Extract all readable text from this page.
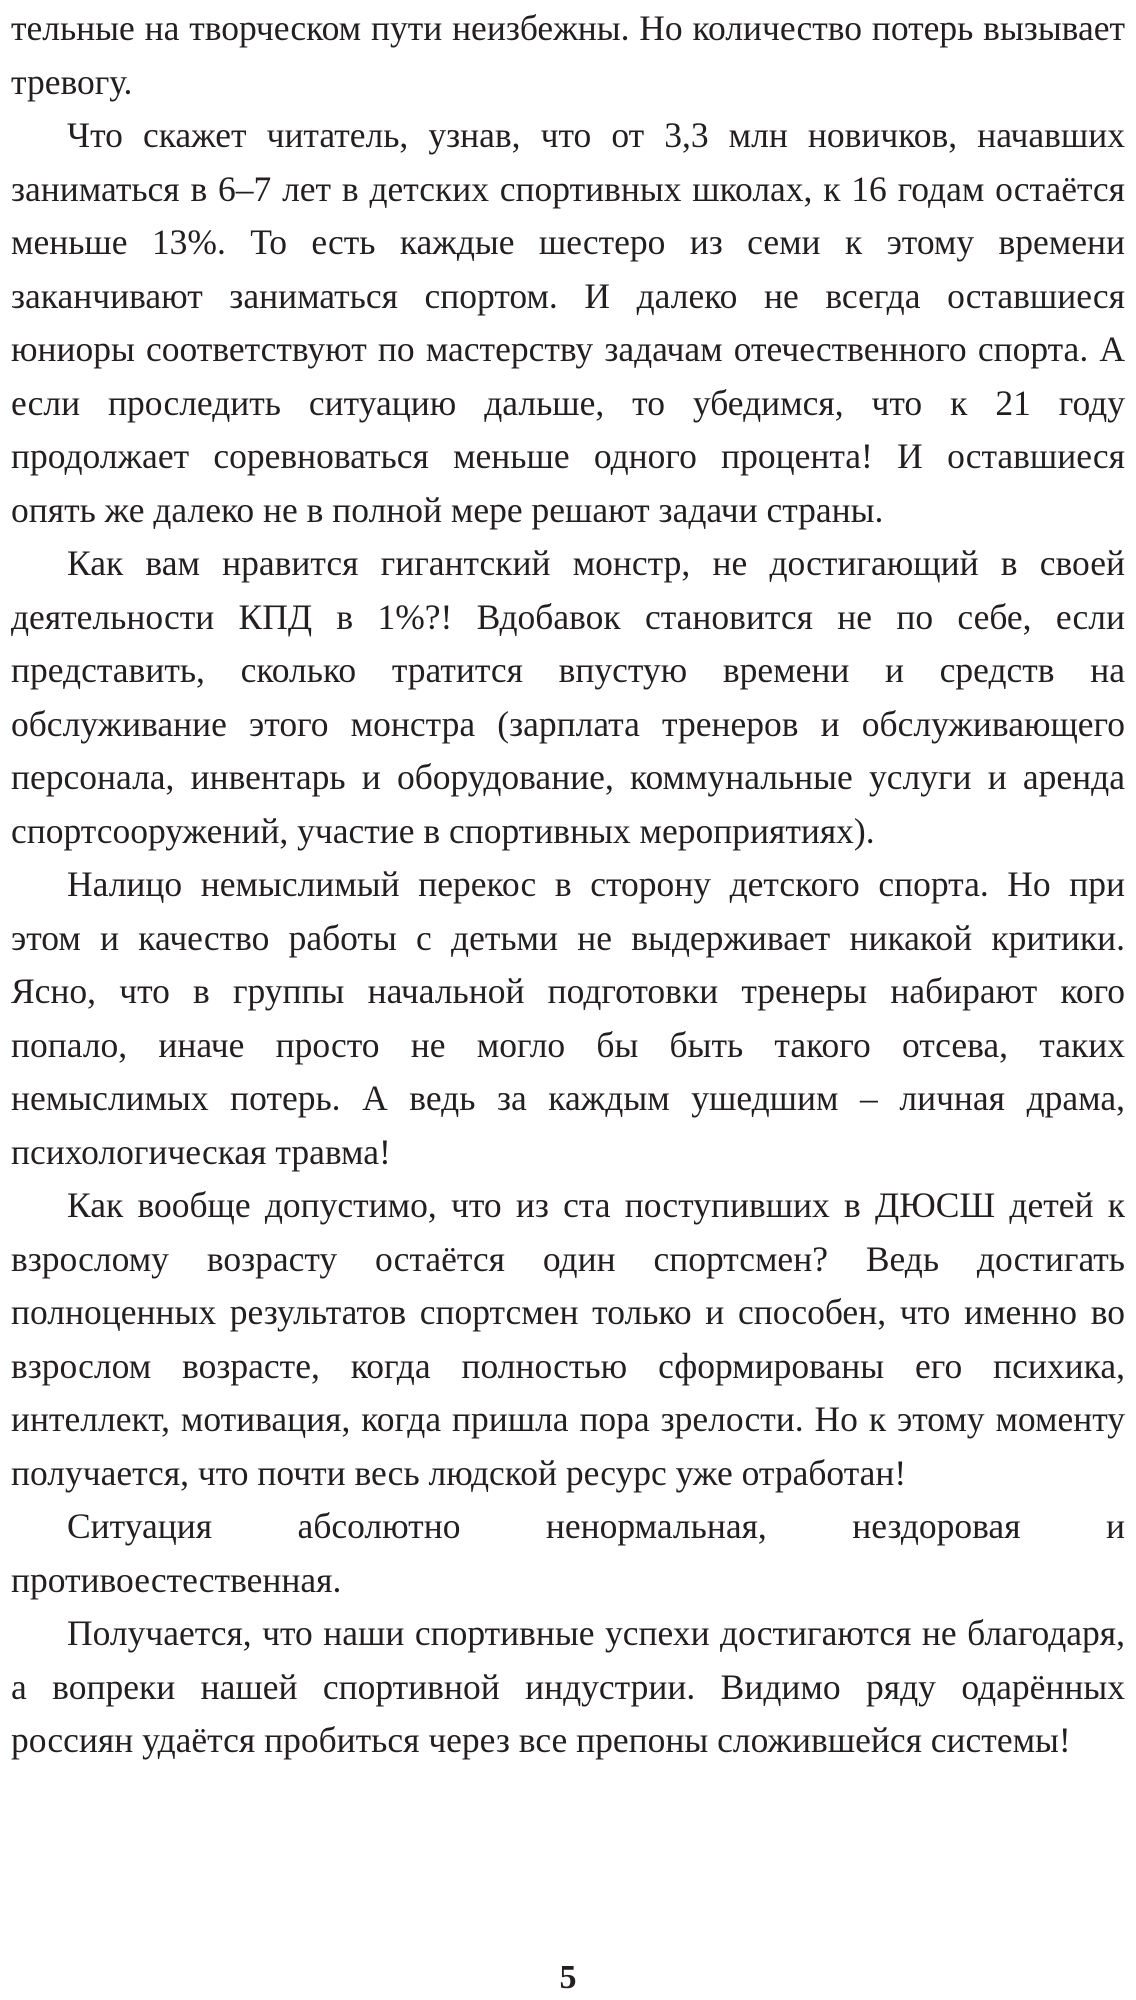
тельные на творческом пути неизбежны. Но количество потерь вызывает тревогу.

Что скажет читатель, узнав, что от 3,3 млн новичков, начавших заниматься в 6–7 лет в детских спортивных школах, к 16 годам остаётся меньше 13%. То есть каждые шестеро из семи к этому времени заканчивают заниматься спортом. И далеко не всегда оставшиеся юниоры соответствуют по мастерству задачам отечественного спорта. А если проследить ситуацию дальше, то убедимся, что к 21 году продолжает соревноваться меньше одного процента! И оставшиеся опять же далеко не в полной мере решают задачи страны.

Как вам нравится гигантский монстр, не достигающий в своей деятельности КПД в 1%?! Вдобавок становится не по себе, если представить, сколько тратится впустую времени и средств на обслуживание этого монстра (зарплата тренеров и обслуживающего персонала, инвентарь и оборудование, коммунальные услуги и аренда спортсооружений, участие в спортивных мероприятиях).

Налицо немыслимый перекос в сторону детского спорта. Но при этом и качество работы с детьми не выдерживает никакой критики. Ясно, что в группы начальной подготовки тренеры набирают кого попало, иначе просто не могло бы быть такого отсева, таких немыслимых потерь. А ведь за каждым ушедшим – личная драма, психологическая травма!

Как вообще допустимо, что из ста поступивших в ДЮСШ детей к взрослому возрасту остаётся один спортсмен? Ведь достигать полноценных результатов спортсмен только и способен, что именно во взрослом возрасте, когда полностью сформированы его психика, интеллект, мотивация, когда пришла пора зрелости. Но к этому моменту получается, что почти весь людской ресурс уже отработан!

Ситуация абсолютно ненормальная, нездоровая и противоестественная.

Получается, что наши спортивные успехи достигаются не благодаря, а вопреки нашей спортивной индустрии. Видимо ряду одарённых россиян удаётся пробиться через все препоны сложившейся системы!

5
